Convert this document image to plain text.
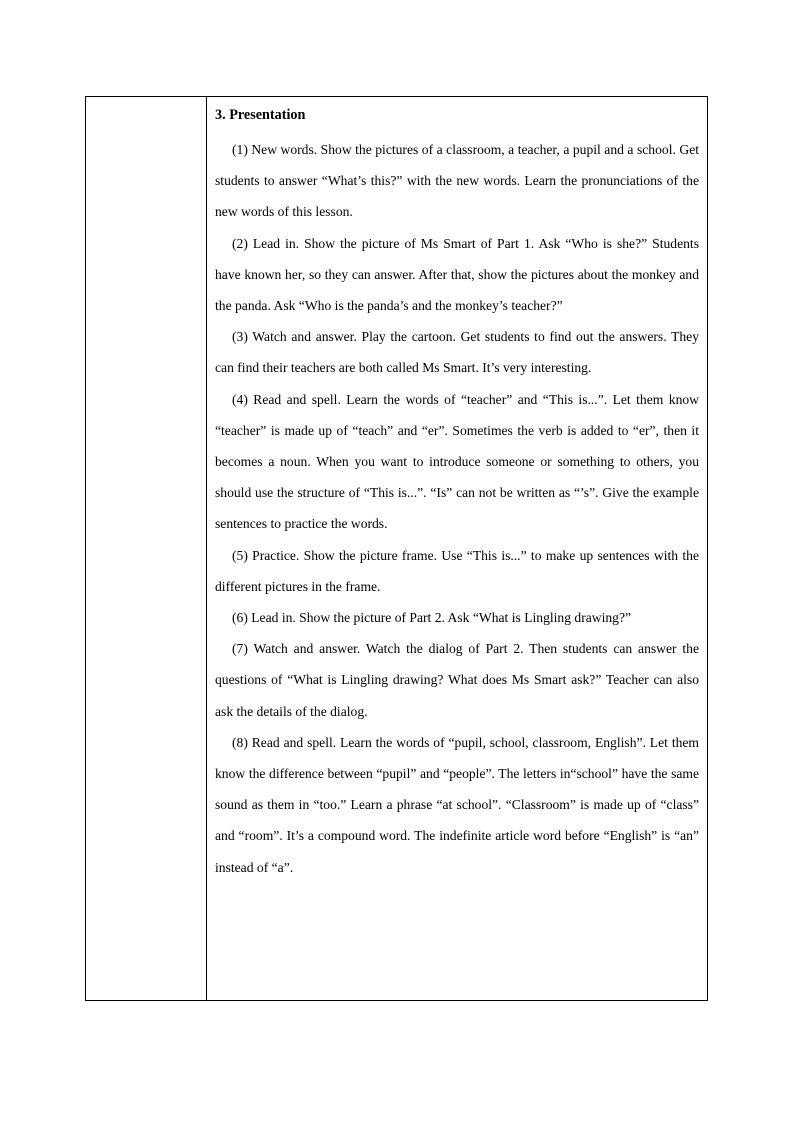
3. Presentation

(1) New words. Show the pictures of a classroom, a teacher, a pupil and a school. Get students to answer “What’s this?” with the new words. Learn the pronunciations of the new words of this lesson.

(2) Lead in. Show the picture of Ms Smart of Part 1. Ask “Who is she?” Students have known her, so they can answer. After that, show the pictures about the monkey and the panda. Ask “Who is the panda’s and the monkey’s teacher?”

(3) Watch and answer. Play the cartoon. Get students to find out the answers. They can find their teachers are both called Ms Smart. It’s very interesting.

(4) Read and spell. Learn the words of “teacher” and “This is...”. Let them know “teacher” is made up of “teach” and “er”. Sometimes the verb is added to “er”, then it becomes a noun. When you want to introduce someone or something to others, you should use the structure of “This is...”. “Is” can not be written as “’s”. Give the example sentences to practice the words.

(5) Practice. Show the picture frame. Use “This is...” to make up sentences with the different pictures in the frame.

(6) Lead in. Show the picture of Part 2. Ask “What is Lingling drawing?”

(7) Watch and answer. Watch the dialog of Part 2. Then students can answer the questions of “What is Lingling drawing? What does Ms Smart ask?” Teacher can also ask the details of the dialog.

(8) Read and spell. Learn the words of “pupil, school, classroom, English”. Let them know the difference between “pupil” and “people”. The letters in“school” have the same sound as them in “too.” Learn a phrase “at school”. “Classroom” is made up of “class” and “room”. It’s a compound word. The indefinite article word before “English” is “an” instead of “a”.
